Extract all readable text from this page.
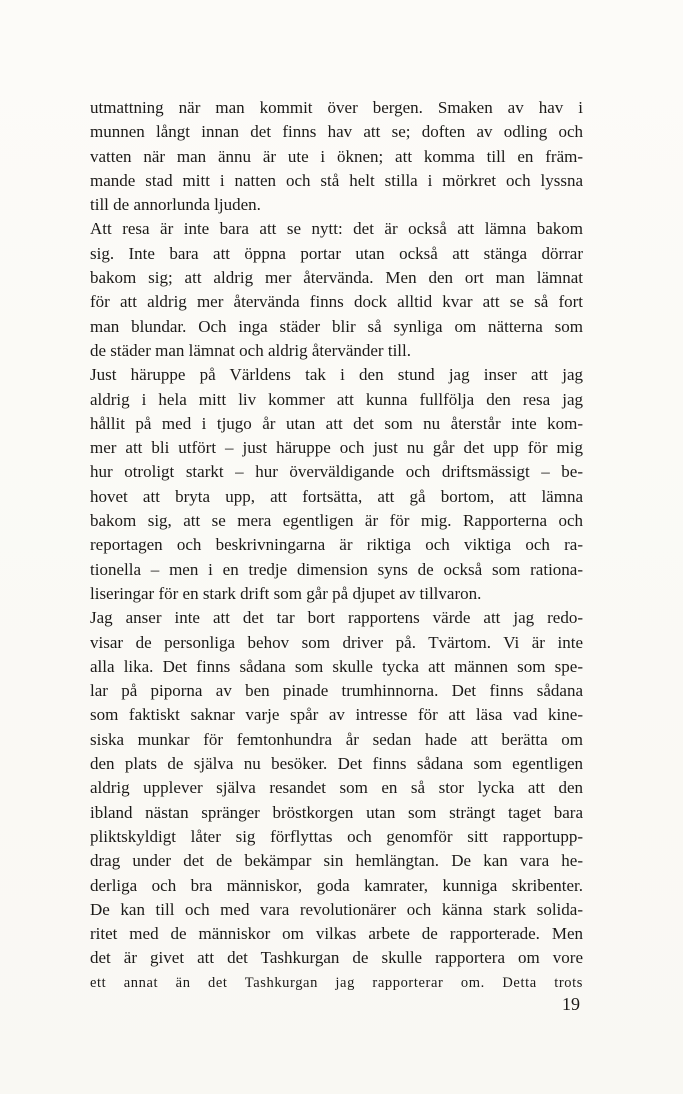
utmattning när man kommit över bergen. Smaken av hav i
munnen långt innan det finns hav att se; doften av odling och
vatten när man ännu är ute i öknen; att komma till en främ-
mande stad mitt i natten och stå helt stilla i mörkret och lyssna
till de annorlunda ljuden.
Att resa är inte bara att se nytt: det är också att lämna bakom
sig. Inte bara att öppna portar utan också att stänga dörrar
bakom sig; att aldrig mer återvända. Men den ort man lämnat
för att aldrig mer återvända finns dock alltid kvar att se så fort
man blundar. Och inga städer blir så synliga om nätterna som
de städer man lämnat och aldrig återvänder till.
Just häruppe på Världens tak i den stund jag inser att jag
aldrig i hela mitt liv kommer att kunna fullfölja den resa jag
hållit på med i tjugo år utan att det som nu återstår inte kom-
mer att bli utfört – just häruppe och just nu går det upp för mig
hur otroligt starkt – hur överväldigande och driftsmässigt – be-
hovet att bryta upp, att fortsätta, att gå bortom, att lämna
bakom sig, att se mera egentligen är för mig. Rapporterna och
reportagen och beskrivningarna är riktiga och viktiga och ra-
tionella – men i en tredje dimension syns de också som rationa-
liseringar för en stark drift som går på djupet av tillvaron.
Jag anser inte att det tar bort rapportens värde att jag redo-
visar de personliga behov som driver på. Tvärtom. Vi är inte
alla lika. Det finns sådana som skulle tycka att männen som spe-
lar på piporna av ben pinade trumhinnorna. Det finns sådana
som faktiskt saknar varje spår av intresse för att läsa vad kine-
siska munkar för femtonhundra år sedan hade att berätta om
den plats de själva nu besöker. Det finns sådana som egentligen
aldrig upplever själva resandet som en så stor lycka att den
ibland nästan spränger bröstkorgen utan som strängt taget bara
pliktskyldigt låter sig förflyttas och genomför sitt rapportupp-
drag under det de bekämpar sin hemlängtan. De kan vara he-
derliga och bra människor, goda kamrater, kunniga skribenter.
De kan till och med vara revolutionärer och känna stark solida-
ritet med de människor om vilkas arbete de rapporterade. Men
det är givet att det Tashkurgan de skulle rapportera om vore
ett annat än det Tashkurgan jag rapporterar om. Detta trots
19
